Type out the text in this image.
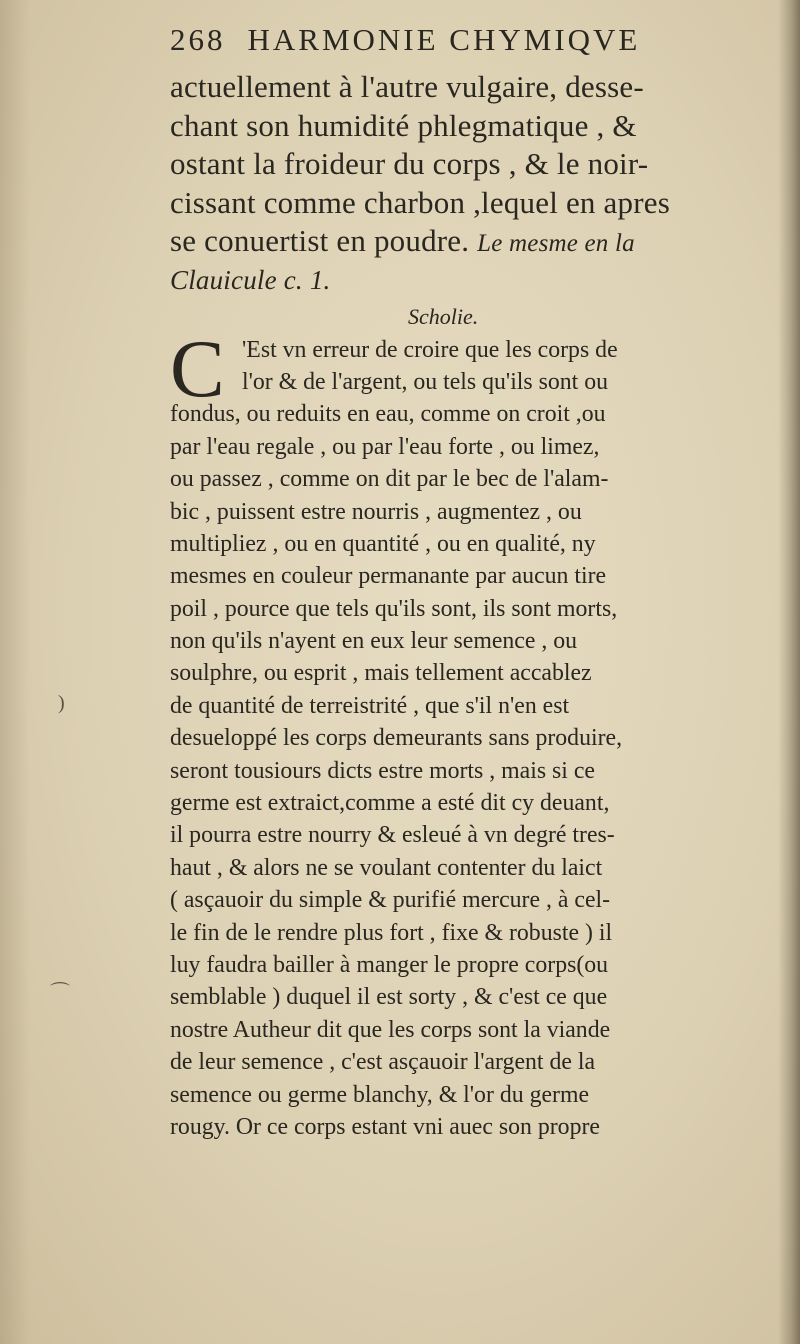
)
⌒
268 HARMONIE CHYMIQVE
actuellement à l'autre vulgaire, desse-
chant son humidité phlegmatique , &
ostant la froideur du corps , & le noir-
cissant comme charbon ,lequel en apres
se conuertist en poudre. Le mesme en la
Clauicule c. 1.
Scholie.
C 'Est vn erreur de croire que les corps de
l'or & de l'argent, ou tels qu'ils sont ou
fondus, ou reduits en eau, comme on croit ,ou
par l'eau regale , ou par l'eau forte , ou limez,
ou passez , comme on dit par le bec de l'alam-
bic , puissent estre nourris , augmentez , ou
multipliez , ou en quantité , ou en qualité, ny
mesmes en couleur permanante par aucun tire
poil , pource que tels qu'ils sont, ils sont morts,
non qu'ils n'ayent en eux leur semence , ou
soulphre, ou esprit , mais tellement accablez
de quantité de terreistrité , que s'il n'en est
desueloppé les corps demeurants sans produire,
seront tousiours dicts estre morts , mais si ce
germe est extraict,comme a esté dit cy deuant,
il pourra estre nourry & esleué à vn degré tres-
haut , & alors ne se voulant contenter du laict
( asçauoir du simple & purifié mercure , à cel-
le fin de le rendre plus fort , fixe & robuste ) il
luy faudra bailler à manger le propre corps(ou
semblable ) duquel il est sorty , & c'est ce que
nostre Autheur dit que les corps sont la viande
de leur semence , c'est asçauoir l'argent de la
semence ou germe blanchy, & l'or du germe
rougy. Or ce corps estant vni auec son propre
